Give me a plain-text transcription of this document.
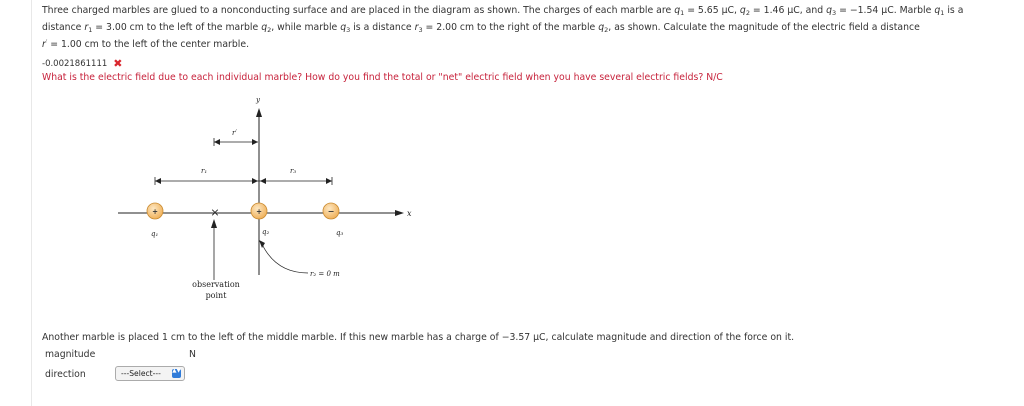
Three charged marbles are glued to a nonconducting surface and are placed in the diagram as shown. The charges of each marble are $q_1 = 5.65$ μC, $q_2 = 1.46$ μC, and $q_3 = -1.54$ μC. Marble $q_1$ is a
distance $r_1 = 3.00$ cm to the left of the marble $q_2$, while marble $q_3$ is a distance $r_3 = 2.00$ cm to the right of the marble $q_2$, as shown. Calculate the magnitude of the electric field a distance
r′ = 1.00 cm to the left of the center marble.
-0.0021861111 ✖
What is the electric field due to each individual marble? How do you find the total or "net" electric field when you have several electric fields? N/C
x
y
r′
r₁	r₃
+
q₁
×
observation
point
+
q₂
−
q₃
r₂ = 0 m
Another marble is placed 1 cm to the left of the middle marble. If this new marble has a charge of −3.57 μC, calculate magnitude and direction of the force on it.
magnitude	N
direction	---Select--- ▲▼
